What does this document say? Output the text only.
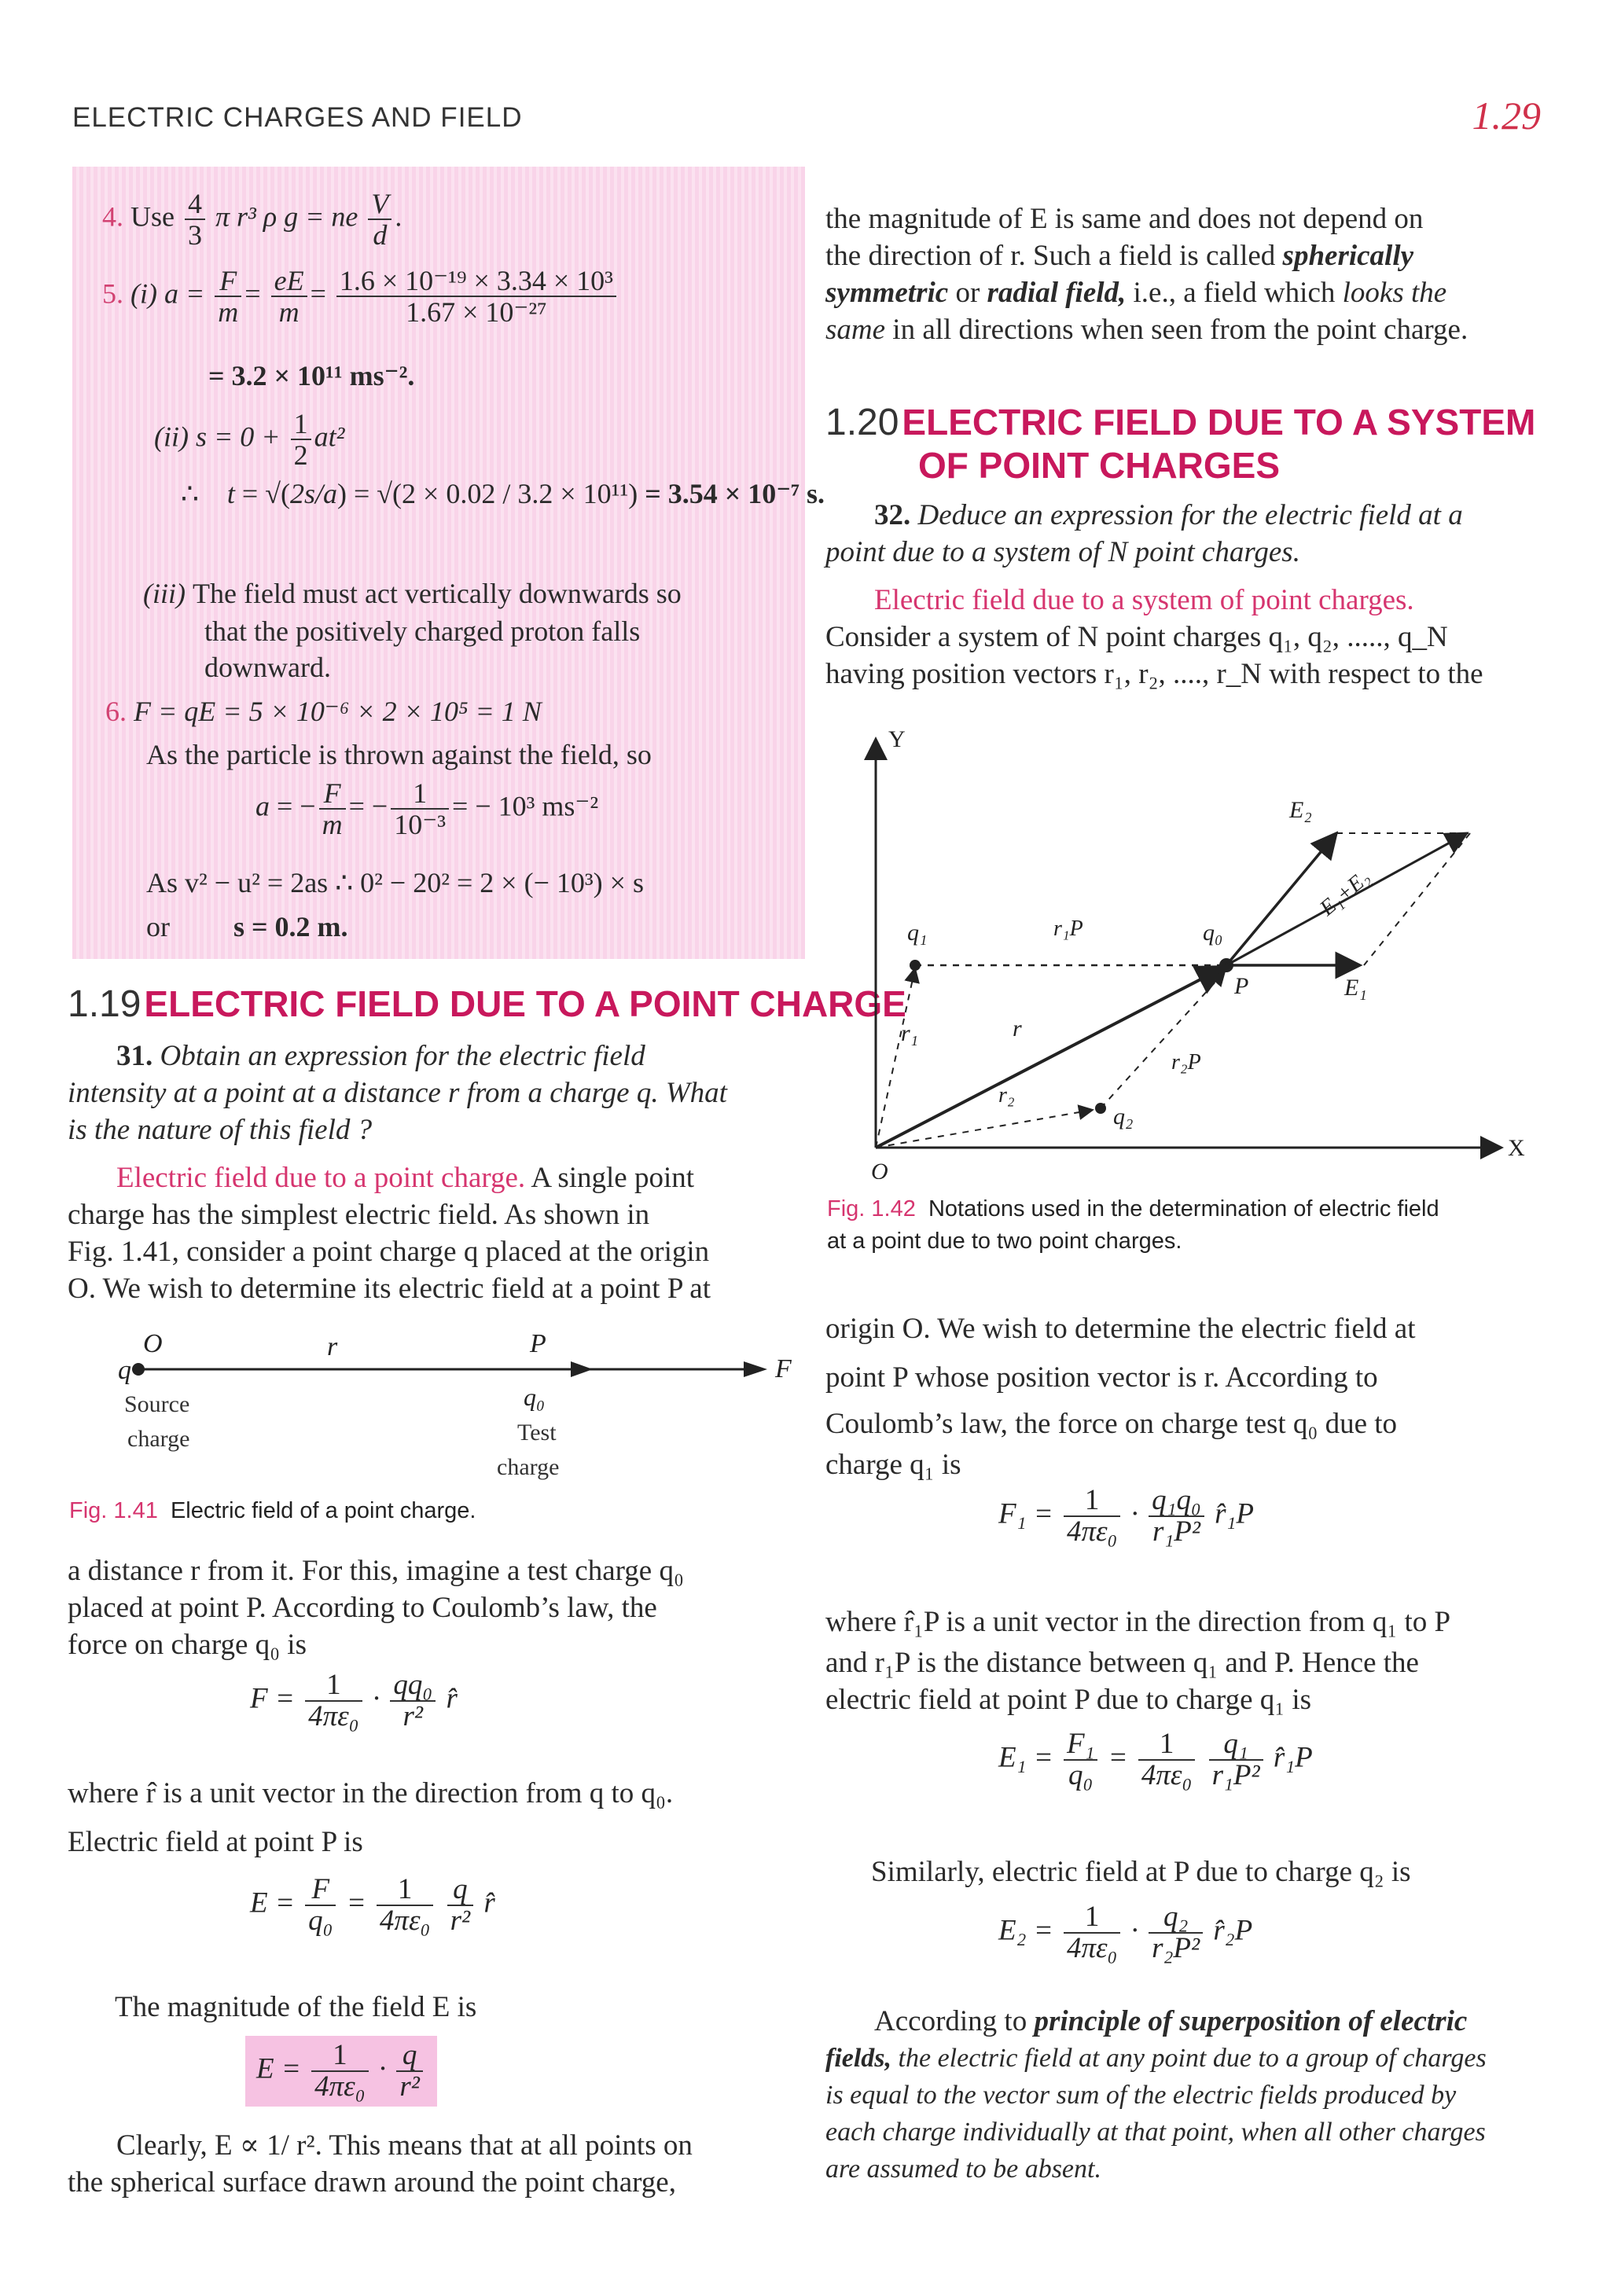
ELECTRIC CHARGES AND FIELD	1.29
4. Use $\frac{4}{3}$ π r³ ρ g = ne $\frac{V}{d}$ .
5. (i) $a = \frac{F}{m} = \frac{eE}{m} = \frac{\text{1.6 × 10⁻¹⁹ × 3.34 × 10³}}{\text{1.67 × 10⁻²⁷}}$
= 3.2 × 10¹¹ ms⁻².
(ii) $s = 0 + \frac{1}{2} at^2$
∴ t = √(2s/a) = √(2 × 0.02 / 3.2 × 10¹¹) = 3.54 × 10⁻⁷ s.
(iii) The field must act vertically downwards so
that the positively charged proton falls
downward.
6. F = qE = 5 × 10⁻⁶ × 2 × 10⁵ = 1 N
As the particle is thrown against the field, so
a = − $\frac{F}{m}$ = − $\frac{1}{\text{10⁻³}}$ = − 10³ ms⁻²
As v² − u² = 2as ∴ 0² − 20² = 2 × (− 10³) × s
or s = 0.2 m.
1.19 ELECTRIC FIELD DUE TO A POINT CHARGE
31. Obtain an expression for the electric field
intensity at a point at a distance r from a charge q. What
is the nature of this field ?
Electric field due to a point charge. A single point
charge has the simplest electric field. As shown in
Fig. 1.41, consider a point charge q placed at the origin
O. We wish to determine its electric field at a point P at
O
q
r	P
F
q₀
Source
charge	Test
charge
Fig. 1.41 Electric field of a point charge.
a distance r from it. For this, imagine a test charge q₀
placed at point P. According to Coulomb’s law, the
force on charge q₀ is
$F = \frac{1}{\text{4πε₀}} \cdot \frac{\text{qq₀}}{\text{r²}}$ r̂
where r̂ is a unit vector in the direction from q to q₀.
Electric field at point P is
$E = \frac{F}{\text{q₀}} = \frac{1}{\text{4πε₀}}$
$\frac{q}{\text{r²}}$ r̂
The magnitude of the field E is
$E = \frac{1}{\text{4πε₀}} \cdot \frac{q}{\text{r²}}$
Clearly, E ∝ 1/ r². This means that at all points on
the spherical surface drawn around the point charge,
the magnitude of E is same and does not depend on
the direction of r. Such a field is called spherically
symmetric or radial field, i.e., a field which looks the
same in all directions when seen from the point charge.
1.20 ELECTRIC FIELD DUE TO A SYSTEM
OF POINT CHARGES
32. Deduce an expression for the electric field at a
point due to a system of N point charges.
Electric field due to a system of point charges.
Consider a system of N point charges q₁, q₂, ....., q_N
having position vectors r₁, r₂, ...., r_N with respect to the
Y
X
O
q₁	r₁P	q₀
P	E₁
E₂
E₁+E₂
r₁	r
r₂
r₂P
q₂
Fig. 1.42 Notations used in the determination of electric field
at a point due to two point charges.
origin O. We wish to determine the electric field at
point P whose position vector is r. According to
Coulomb’s law, the force on charge test q₀ due to
charge q₁ is
$F_1 = \frac{1}{\text{4πε₀}} \cdot \frac{\text{q₁q₀}}{\text{r₁P²}}$ r̂₁P
where r̂₁P is a unit vector in the direction from q₁ to P
and r₁P is the distance between q₁ and P. Hence the
electric field at point P due to charge q₁ is
$E_1 = \frac{\text{F₁}}{\text{q₀}} = \frac{1}{\text{4πε₀}}$
$\frac{\text{q₁}}{\text{r₁P²}}$ r̂₁P
Similarly, electric field at P due to charge q₂ is
$E_2 = \frac{1}{\text{4πε₀}} \cdot \frac{\text{q₂}}{\text{r₂P²}}$ r̂₂P
According to principle of superposition of electric
fields, the electric field at any point due to a group of charges
is equal to the vector sum of the electric fields produced by
each charge individually at that point, when all other charges
are assumed to be absent.
